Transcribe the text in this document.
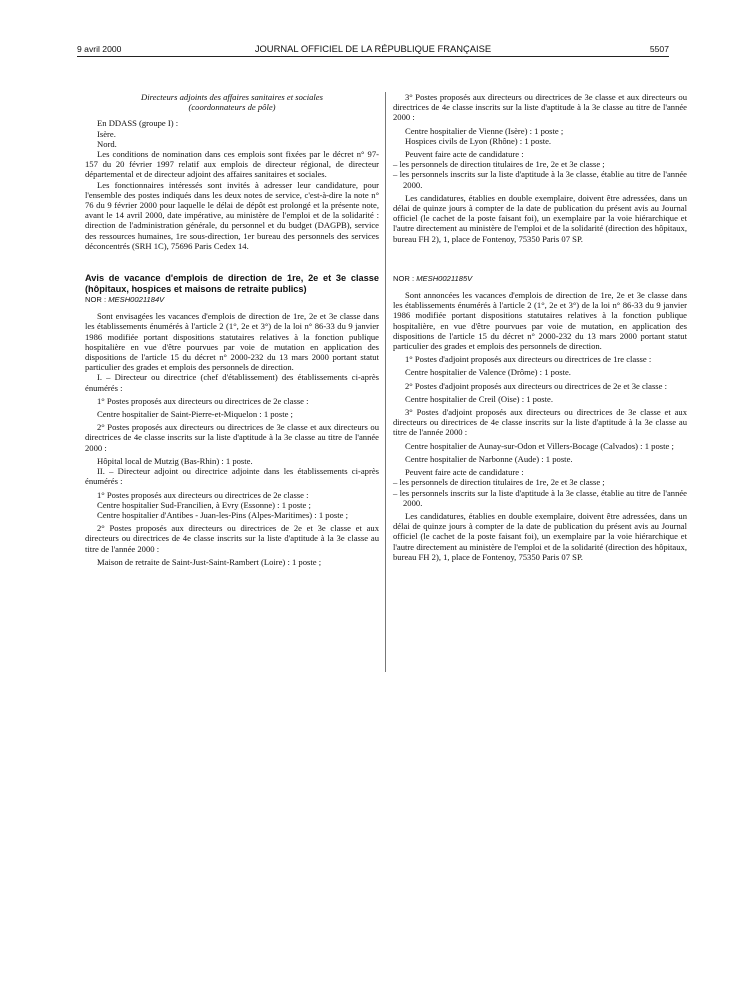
9 avril 2000	JOURNAL OFFICIEL DE LA RÉPUBLIQUE FRANÇAISE	5507

Directeurs adjoints des affaires sanitaires et sociales

(coordonnateurs de pôle)

En DDASS (groupe I) :

Isère.

Nord.

Les conditions de nomination dans ces emplois sont fixées par le décret n° 97-157 du 20 février 1997 relatif aux emplois de directeur régional, de directeur départemental et de directeur adjoint des affaires sanitaires et sociales.

Les fonctionnaires intéressés sont invités à adresser leur candidature, pour l'ensemble des postes indiqués dans les deux notes de service, c'est-à-dire la note n° 76 du 9 février 2000 pour laquelle le délai de dépôt est prolongé et la présente note, avant le 14 avril 2000, date impérative, au ministère de l'emploi et de la solidarité : direction de l'administration générale, du personnel et du budget (DAGPB), service des ressources humaines, 1re sous-direction, 1er bureau des personnels des services déconcentrés (SRH 1C), 75696 Paris Cedex 14.

Avis de vacance d'emplois de direction de 1re, 2e et 3e classe (hôpitaux, hospices et maisons de retraite publics)

NOR : MESH0021184V

Sont envisagées les vacances d'emplois de direction de 1re, 2e et 3e classe dans les établissements énumérés à l'article 2 (1°, 2e et 3°) de la loi n° 86-33 du 9 janvier 1986 modifiée portant dispositions statutaires relatives à la fonction publique hospitalière en vue d'être pourvues par voie de mutation en application des dispositions de l'article 15 du décret n° 2000-232 du 13 mars 2000 portant statut particulier des grades et emplois des personnels de direction.

I. – Directeur ou directrice (chef d'établissement) des établissements ci-après énumérés :

1° Postes proposés aux directeurs ou directrices de 2e classe :

Centre hospitalier de Saint-Pierre-et-Miquelon : 1 poste ;

2° Postes proposés aux directeurs ou directrices de 3e classe et aux directeurs ou directrices de 4e classe inscrits sur la liste d'aptitude à la 3e classe au titre de l'année 2000 :

Hôpital local de Mutzig (Bas-Rhin) : 1 poste.

II. – Directeur adjoint ou directrice adjointe dans les établissements ci-après énumérés :

1° Postes proposés aux directeurs ou directrices de 2e classe :

Centre hospitalier Sud-Francilien, à Evry (Essonne) : 1 poste ;

Centre hospitalier d'Antibes - Juan-les-Pins (Alpes-Maritimes) : 1 poste ;

2° Postes proposés aux directeurs ou directrices de 2e et 3e classe et aux directeurs ou directrices de 4e classe inscrits sur la liste d'aptitude à la 3e classe au titre de l'année 2000 :

Maison de retraite de Saint-Just-Saint-Rambert (Loire) : 1 poste ;

3° Postes proposés aux directeurs ou directrices de 3e classe et aux directeurs ou directrices de 4e classe inscrits sur la liste d'aptitude à la 3e classe au titre de l'année 2000 :

Centre hospitalier de Vienne (Isère) : 1 poste ;

Hospices civils de Lyon (Rhône) : 1 poste.

Peuvent faire acte de candidature :

– les personnels de direction titulaires de 1re, 2e et 3e classe ;
– les personnels inscrits sur la liste d'aptitude à la 3e classe, établie au titre de l'année 2000.

Les candidatures, établies en double exemplaire, doivent être adressées, dans un délai de quinze jours à compter de la date de publication du présent avis au Journal officiel (le cachet de la poste faisant foi), un exemplaire par la voie hiérarchique et l'autre directement au ministère de l'emploi et de la solidarité (direction des hôpitaux, bureau FH 2), 1, place de Fontenoy, 75350 Paris 07 SP.

NOR : MESH0021185V

Sont annoncées les vacances d'emplois de direction de 1re, 2e et 3e classe dans les établissements énumérés à l'article 2 (1°, 2e et 3°) de la loi n° 86-33 du 9 janvier 1986 modifiée portant dispositions statutaires relatives à la fonction publique hospitalière, en vue d'être pourvues par voie de mutation, en application des dispositions de l'article 15 du décret n° 2000-232 du 13 mars 2000 portant statut particulier des grades et emplois des personnels de direction.

1° Postes d'adjoint proposés aux directeurs ou directrices de 1re classe :

Centre hospitalier de Valence (Drôme) : 1 poste.

2° Postes d'adjoint proposés aux directeurs ou directrices de 2e et 3e classe :

Centre hospitalier de Creil (Oise) : 1 poste.

3° Postes d'adjoint proposés aux directeurs ou directrices de 3e classe et aux directeurs ou directrices de 4e classe inscrits sur la liste d'aptitude à la 3e classe au titre de l'année 2000 :

Centre hospitalier de Aunay-sur-Odon et Villers-Bocage (Calvados) : 1 poste ;

Centre hospitalier de Narbonne (Aude) : 1 poste.

Peuvent faire acte de candidature :

– les personnels de direction titulaires de 1re, 2e et 3e classe ;
– les personnels inscrits sur la liste d'aptitude à la 3e classe, établie au titre de l'année 2000.

Les candidatures, établies en double exemplaire, doivent être adressées, dans un délai de quinze jours à compter de la date de publication du présent avis au Journal officiel (le cachet de la poste faisant foi), un exemplaire par la voie hiérarchique et l'autre directement au ministère de l'emploi et de la solidarité (direction des hôpitaux, bureau FH 2), 1, place de Fontenoy, 75350 Paris 07 SP.
